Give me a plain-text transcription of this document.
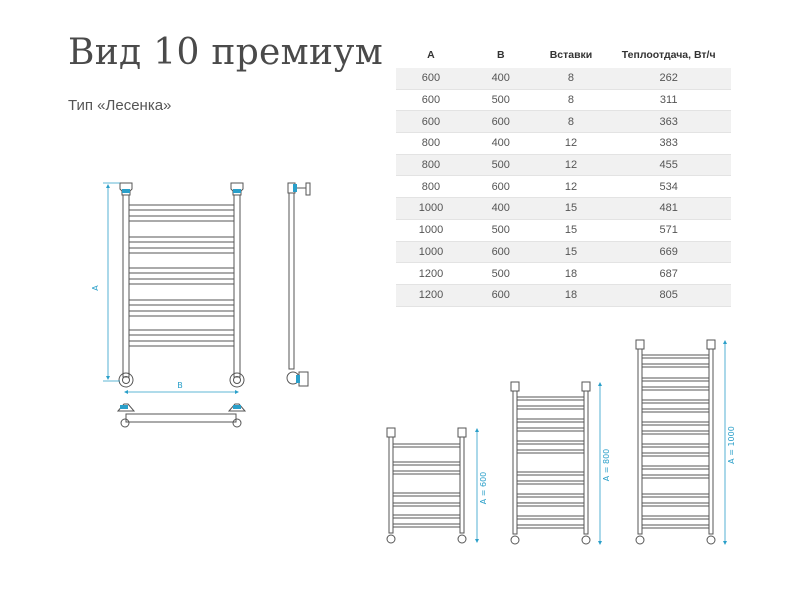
Вид 10 премиум

Тип «Лесенка»

A	B	Вставки	Теплоотдача, Вт/ч
600	400	8	262
600	500	8	311
600	600	8	363
800	400	12	383
800	500	12	455
800	600	12	534
1000	400	15	481
1000	500	15	571
1000	600	15	669
1200	500	18	687
1200	600	18	805
A
B
A = 600
A = 800
A = 1000
